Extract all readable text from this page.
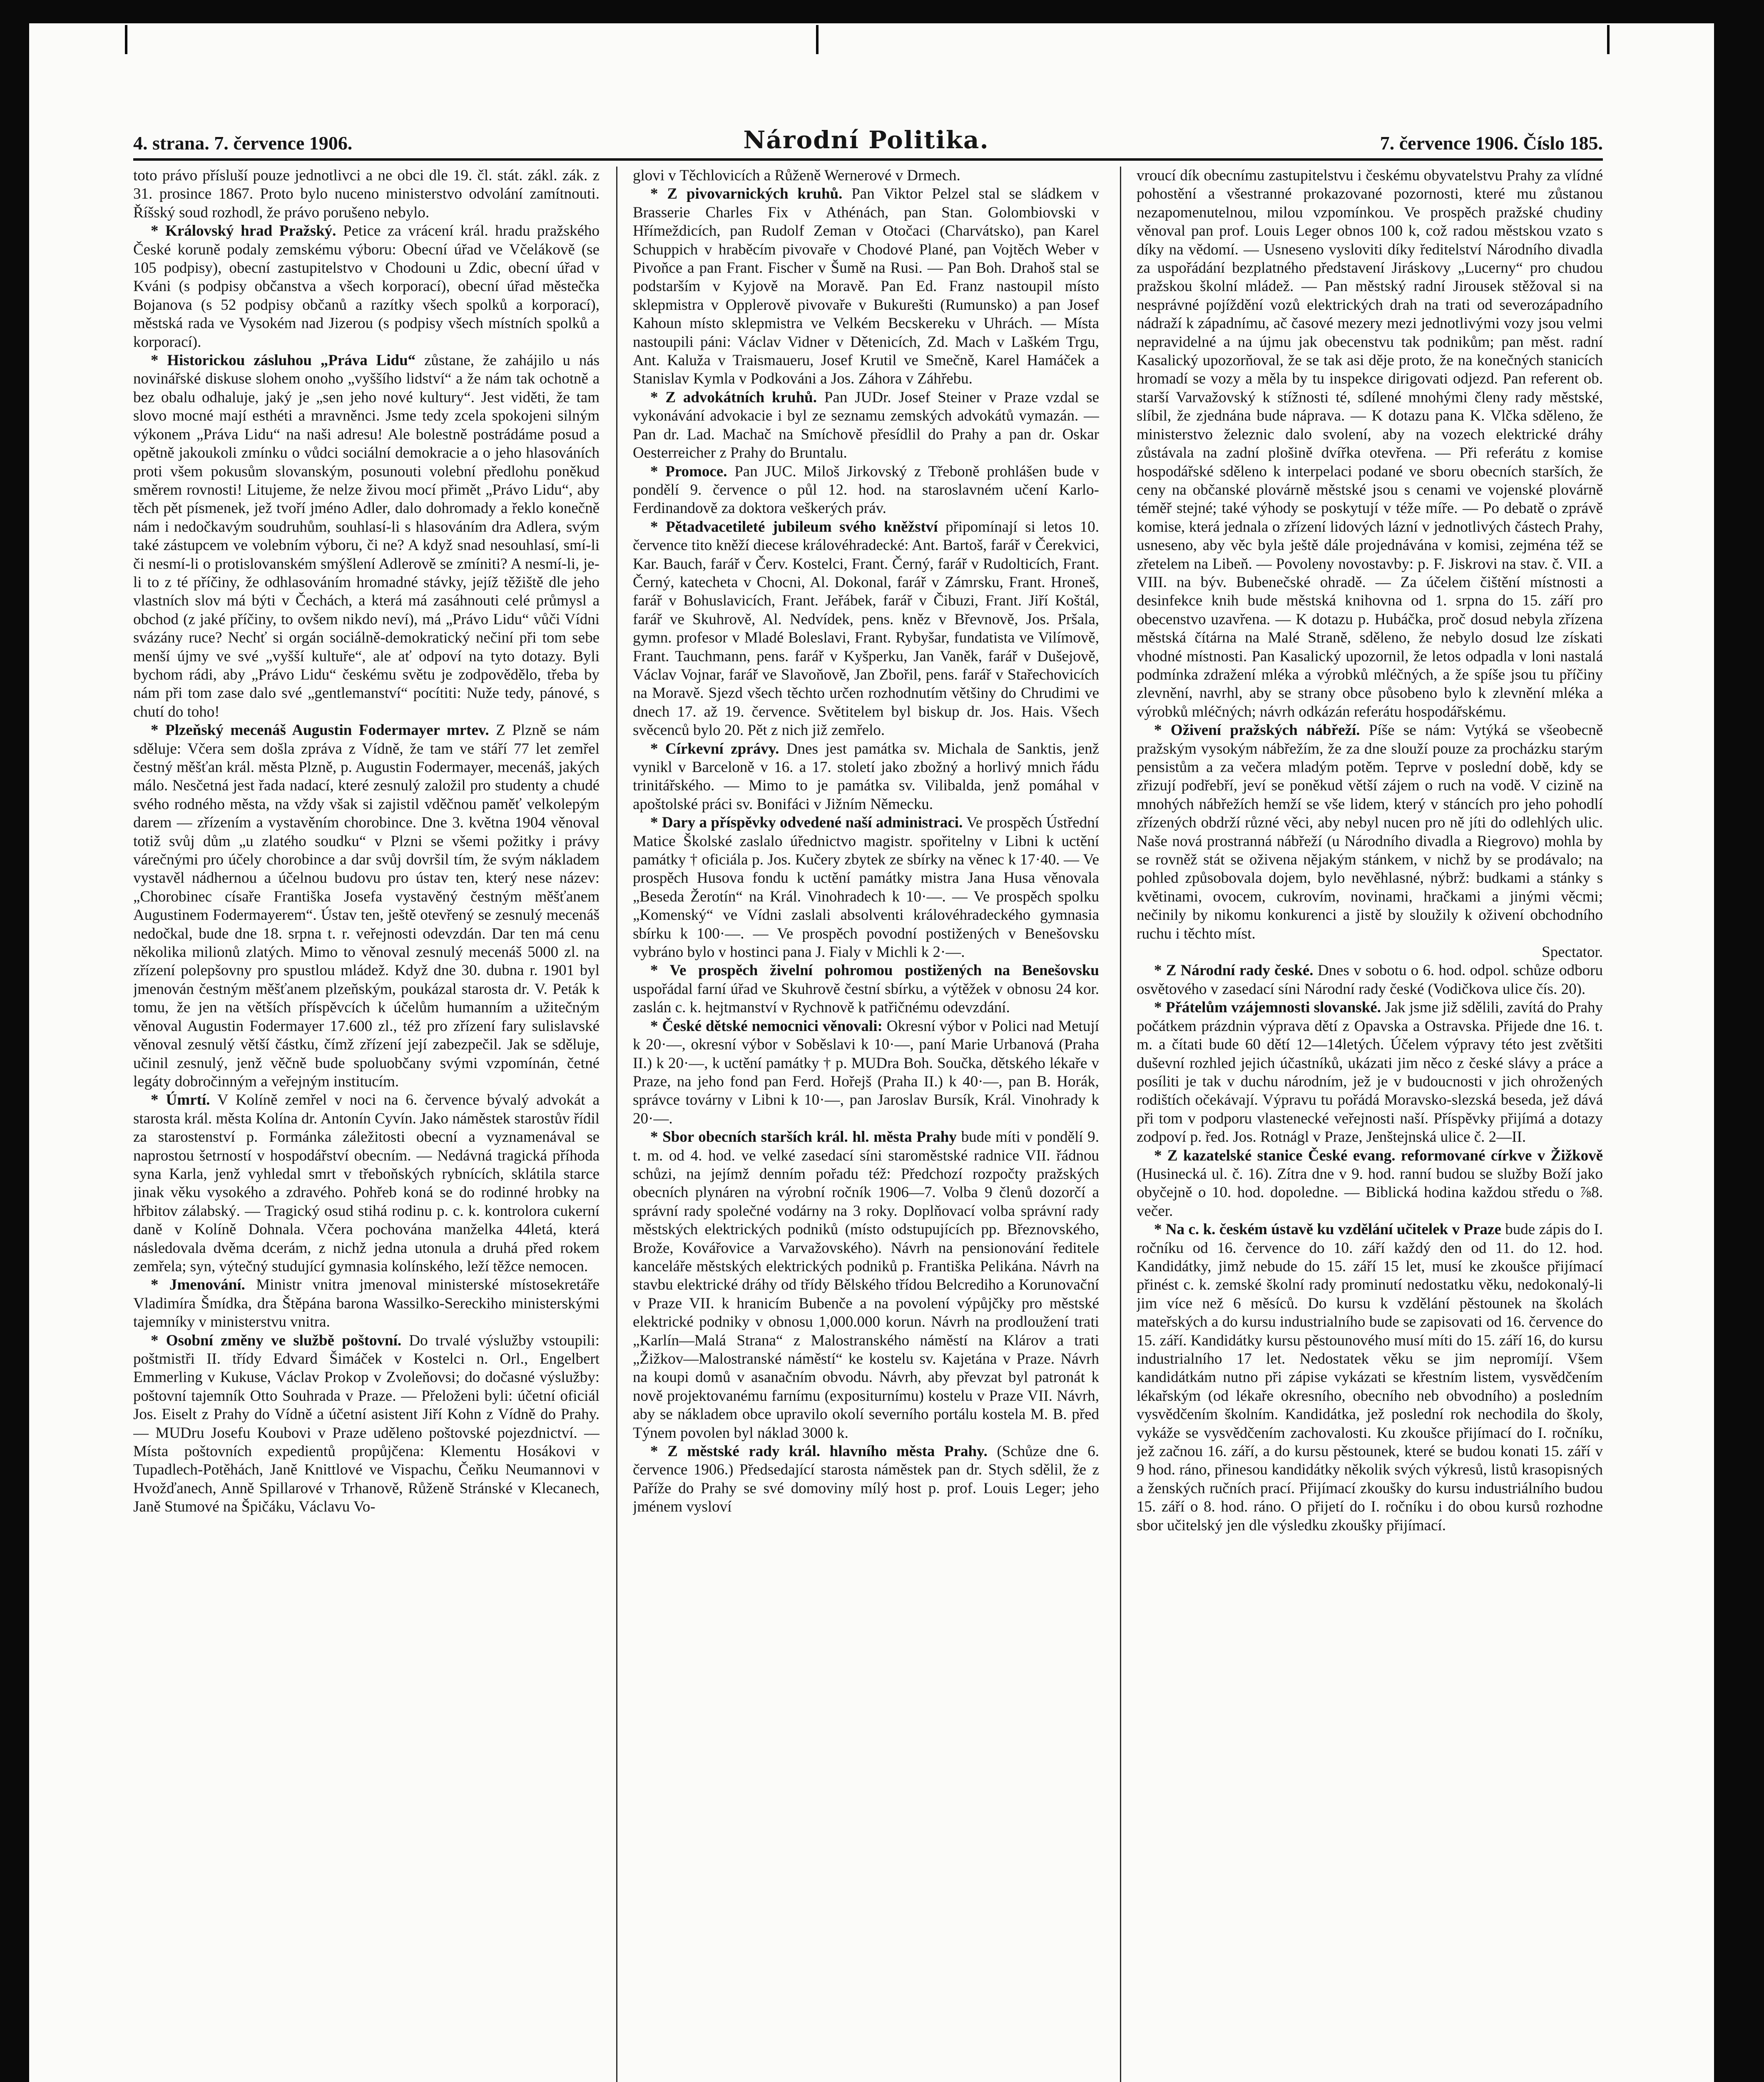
4. strana. 7. července 1906.	Národní Politika.	7. července 1906. Číslo 185.

toto právo přísluší pouze jednotlivci a ne obci dle 19. čl. stát. zákl. zák. z 31. prosince 1867. Proto bylo nuceno ministerstvo odvolání zamítnouti. Říšský soud rozhodl, že právo porušeno nebylo.

* Královský hrad Pražský. Petice za vrácení král. hradu pražského České koruně podaly zemskému výboru: Obecní úřad ve Včelákově (se 105 podpisy), obecní zastupitelstvo v Chodouni u Zdic, obecní úřad v Kváni (s podpisy občanstva a všech korporací), obecní úřad městečka Bojanova (s 52 podpisy občanů a razítky všech spolků a korporací), městská rada ve Vysokém nad Jizerou (s podpisy všech místních spolků a korporací).

* Historickou zásluhou „Práva Lidu“ zůstane, že zahájilo u nás novinářské diskuse slohem onoho „vyššího lidství“ a že nám tak ochotně a bez obalu odhaluje, jaký je „sen jeho nové kultury“. Jest viděti, že tam slovo mocné mají esthéti a mravněnci. Jsme tedy zcela spokojeni silným výkonem „Práva Lidu“ na naši adresu! Ale bolestně postrádáme posud a opětně jakoukoli zmínku o vůdci sociální demokracie a o jeho hlasováních proti všem pokusům slovanským, posunouti volební předlohu poněkud směrem rovnosti! Litujeme, že nelze živou mocí přimět „Právo Lidu“, aby těch pět písmenek, jež tvoří jméno Adler, dalo dohromady a řeklo konečně nám i nedočkavým soudruhům, souhlasí-li s hlasováním dra Adlera, svým také zástupcem ve volebním výboru, či ne? A když snad nesouhlasí, smí-li či nesmí-li o protislovanském smýšlení Adlerově se zmíniti? A nesmí-li, je-li to z té příčiny, že odhlasováním hromadné stávky, jejíž těžiště dle jeho vlastních slov má býti v Čechách, a která má zasáhnouti celé průmysl a obchod (z jaké příčiny, to ovšem nikdo neví), má „Právo Lidu“ vůči Vídni svázány ruce? Nechť si orgán sociálně-demokratický nečiní při tom sebe menší újmy ve své „vyšší kultuře“, ale ať odpoví na tyto dotazy. Byli bychom rádi, aby „Právo Lidu“ českému světu je zodpovědělo, třeba by nám při tom zase dalo své „gentlemanství“ pocítiti: Nuže tedy, pánové, s chutí do toho!

* Plzeňský mecenáš Augustin Fodermayer mrtev. Z Plzně se nám sděluje: Včera sem došla zpráva z Vídně, že tam ve stáří 77 let zemřel čestný měšťan král. města Plzně, p. Augustin Fodermayer, mecenáš, jakých málo. Nesčetná jest řada nadací, které zesnulý založil pro studenty a chudé svého rodného města, na vždy však si zajistil vděčnou paměť velkolepým darem — zřízením a vystavěním chorobince. Dne 3. května 1904 věnoval totiž svůj dům „u zlatého soudku“ v Plzni se všemi požitky i právy várečnými pro účely chorobince a dar svůj dovršil tím, že svým nákladem vystavěl nádhernou a účelnou budovu pro ústav ten, který nese název: „Chorobinec císaře Františka Josefa vystavěný čestným měšťanem Augustinem Fodermayerem“. Ústav ten, ještě otevřený se zesnulý mecenáš nedočkal, bude dne 18. srpna t. r. veřejnosti odevzdán. Dar ten má cenu několika milionů zlatých. Mimo to věnoval zesnulý mecenáš 5000 zl. na zřízení polepšovny pro spustlou mládež. Když dne 30. dubna r. 1901 byl jmenován čestným měšťanem plzeňským, poukázal starosta dr. V. Peták k tomu, že jen na větších příspěvcích k účelům humanním a užitečným věnoval Augustin Fodermayer 17.600 zl., též pro zřízení fary sulislavské věnoval zesnulý větší částku, čímž zřízení její zabezpečil. Jak se sděluje, učinil zesnulý, jenž věčně bude spoluobčany svými vzpomínán, četné legáty dobročinným a veřejným institucím.

* Úmrtí. V Kolíně zemřel v noci na 6. července bývalý advokát a starosta král. města Kolína dr. Antonín Cyvín. Jako náměstek starostův řídil za starostenství p. Formánka záležitosti obecní a vyznamenával se naprostou šetrností v hospodářství obecním. — Nedávná tragická příhoda syna Karla, jenž vyhledal smrt v třeboňských rybnících, sklátila starce jinak věku vysokého a zdravého. Pohřeb koná se do rodinné hrobky na hřbitov zálabský. — Tragický osud stihá rodinu p. c. k. kontrolora cukerní daně v Kolíně Dohnala. Včera pochována manželka 44letá, která následovala dvěma dcerám, z nichž jedna utonula a druhá před rokem zemřela; syn, výtečný studující gymnasia kolínského, leží těžce nemocen.

* Jmenování. Ministr vnitra jmenoval ministerské místosekretáře Vladimíra Šmídka, dra Štěpána barona Wassilko-Sereckiho ministerskými tajemníky v ministerstvu vnitra.

* Osobní změny ve službě poštovní. Do trvalé výslužby vstoupili: poštmistři II. třídy Edvard Šimáček v Kostelci n. Orl., Engelbert Emmerling v Kukuse, Václav Prokop v Zvoleňovsi; do dočasné výslužby: poštovní tajemník Otto Souhrada v Praze. — Přeloženi byli: účetní oficiál Jos. Eiselt z Prahy do Vídně a účetní asistent Jiří Kohn z Vídně do Prahy. — MUDru Josefu Koubovi v Praze uděleno poštovské pojezdnictví. — Místa poštovních expedientů propůjčena: Klementu Hosákovi v Tupadlech-Potěhách, Janě Knittlové ve Vispachu, Čeňku Neumannovi v Hvožďanech, Anně Spillarové v Trhanově, Růženě Stránské v Klecanech, Janě Stumové na Špičáku, Václavu Vo-

glovi v Těchlovicích a Růženě Wernerové v Drmech.

* Z pivovarnických kruhů. Pan Viktor Pelzel stal se sládkem v Brasserie Charles Fix v Athénách, pan Stan. Golombiovski v Hřímeždicích, pan Rudolf Zeman v Otočaci (Charvátsko), pan Karel Schuppich v hraběcím pivovaře v Chodové Plané, pan Vojtěch Weber v Pivoňce a pan Frant. Fischer v Šumě na Rusi. — Pan Boh. Drahoš stal se podstarším v Kyjově na Moravě. Pan Ed. Franz nastoupil místo sklepmistra v Opplerově pivovaře v Bukurešti (Rumunsko) a pan Josef Kahoun místo sklepmistra ve Velkém Becskereku v Uhrách. — Místa nastoupili páni: Václav Vidner v Dětenicích, Zd. Mach v Laškém Trgu, Ant. Kaluža v Traismaueru, Josef Krutil ve Smečně, Karel Hamáček a Stanislav Kymla v Podkováni a Jos. Záhora v Záhřebu.

* Z advokátních kruhů. Pan JUDr. Josef Steiner v Praze vzdal se vykonávání advokacie i byl ze seznamu zemských advokátů vymazán. — Pan dr. Lad. Machač na Smíchově přesídlil do Prahy a pan dr. Oskar Oesterreicher z Prahy do Bruntalu.

* Promoce. Pan JUC. Miloš Jirkovský z Třeboně prohlášen bude v pondělí 9. července o půl 12. hod. na staroslavném učení Karlo-Ferdinandově za doktora veškerých práv.

* Pětadvacetileté jubileum svého kněžství připomínají si letos 10. července tito kněží diecese královéhradecké: Ant. Bartoš, farář v Čerekvici, Kar. Bauch, farář v Červ. Kostelci, Frant. Černý, farář v Rudolticích, Frant. Černý, katecheta v Chocni, Al. Dokonal, farář v Zámrsku, Frant. Hroneš, farář v Bohuslavicích, Frant. Jeřábek, farář v Čibuzi, Frant. Jiří Koštál, farář ve Skuhrově, Al. Nedvídek, pens. kněz v Břevnově, Jos. Pršala, gymn. profesor v Mladé Boleslavi, Frant. Rybyšar, fundatista ve Vilímově, Frant. Tauchmann, pens. farář v Kyšperku, Jan Vaněk, farář v Dušejově, Václav Vojnar, farář ve Slavoňově, Jan Zbořil, pens. farář v Stařechovicích na Moravě. Sjezd všech těchto určen rozhodnutím většiny do Chrudimi ve dnech 17. až 19. července. Světitelem byl biskup dr. Jos. Hais. Všech svěcenců bylo 20. Pět z nich již zemřelo.

* Církevní zprávy. Dnes jest památka sv. Michala de Sanktis, jenž vynikl v Barceloně v 16. a 17. století jako zbožný a horlivý mnich řádu trinitářského. — Mimo to je památka sv. Vilibalda, jenž pomáhal v apoštolské práci sv. Bonifáci v Jižním Německu.

* Dary a příspěvky odvedené naší administraci. Ve prospěch Ústřední Matice Školské zaslalo úřednictvo magistr. spořitelny v Libni k uctění památky † oficiála p. Jos. Kučery zbytek ze sbírky na věnec k 17·40. — Ve prospěch Husova fondu k uctění památky mistra Jana Husa věnovala „Beseda Žerotín“ na Král. Vinohradech k 10·—. — Ve prospěch spolku „Komenský“ ve Vídni zaslali absolventi královéhradeckého gymnasia sbírku k 100·—. — Ve prospěch povodní postižených v Benešovsku vybráno bylo v hostinci pana J. Fialy v Michli k 2·—.

* Ve prospěch živelní pohromou postižených na Benešovsku uspořádal farní úřad ve Skuhrově čestní sbírku, a výtěžek v obnosu 24 kor. zaslán c. k. hejtmanství v Rychnově k patřičnému odevzdání.

* České dětské nemocnici věnovali: Okresní výbor v Polici nad Metují k 20·—, okresní výbor v Soběslavi k 10·—, paní Marie Urbanová (Praha II.) k 20·—, k uctění památky † p. MUDra Boh. Součka, dětského lékaře v Praze, na jeho fond pan Ferd. Hořejš (Praha II.) k 40·—, pan B. Horák, správce továrny v Libni k 10·—, pan Jaroslav Bursík, Král. Vinohrady k 20·—.

* Sbor obecních starších král. hl. města Prahy bude míti v pondělí 9. t. m. od 4. hod. ve velké zasedací síni staroměstské radnice VII. řádnou schůzi, na jejímž denním pořadu též: Předchozí rozpočty pražských obecních plynáren na výrobní ročník 1906—7. Volba 9 členů dozorčí a správní rady společné vodárny na 3 roky. Doplňovací volba správní rady městských elektrických podniků (místo odstupujících pp. Březnovského, Brože, Kovářovice a Varvažovského). Návrh na pensionování ředitele kanceláře městských elektrických podniků p. Františka Pelikána. Návrh na stavbu elektrické dráhy od třídy Bělského třídou Belcrediho a Korunovační v Praze VII. k hranicím Bubenče a na povolení výpůjčky pro městské elektrické podniky v obnosu 1,000.000 korun. Návrh na prodloužení trati „Karlín—Malá Strana“ z Malostranského náměstí na Klárov a trati „Žižkov—Malostranské náměstí“ ke kostelu sv. Kajetána v Praze. Návrh na koupi domů v asanačním obvodu. Návrh, aby převzat byl patronát k nově projektovanému farnímu (expositurnímu) kostelu v Praze VII. Návrh, aby se nákladem obce upravilo okolí severního portálu kostela M. B. před Týnem povolen byl náklad 3000 k.

* Z městské rady král. hlavního města Prahy. (Schůze dne 6. července 1906.) Předsedající starosta náměstek pan dr. Stych sdělil, že z Paříže do Prahy se své domoviny mílý host p. prof. Louis Leger; jeho jménem vysloví

vroucí dík obecnímu zastupitelstvu i českému obyvatelstvu Prahy za vlídné pohostění a všestranné prokazované pozornosti, které mu zůstanou nezapomenutelnou, milou vzpomínkou. Ve prospěch pražské chudiny věnoval pan prof. Louis Leger obnos 100 k, což radou městskou vzato s díky na vědomí. — Usneseno vysloviti díky ředitelství Národního divadla za uspořádání bezplatného představení Jiráskovy „Lucerny“ pro chudou pražskou školní mládež. — Pan městský radní Jirousek stěžoval si na nesprávné pojíždění vozů elektrických drah na trati od severozápadního nádraží k západnímu, ač časové mezery mezi jednotlivými vozy jsou velmi nepravidelné a na újmu jak obecenstvu tak podnikům; pan měst. radní Kasalický upozorňoval, že se tak asi děje proto, že na konečných stanicích hromadí se vozy a měla by tu inspekce dirigovati odjezd. Pan referent ob. starší Varvažovský k stížnosti té, sdílené mnohými členy rady městské, slíbil, že zjednána bude náprava. — K dotazu pana K. Vlčka sděleno, že ministerstvo železnic dalo svolení, aby na vozech elektrické dráhy zůstávala na zadní plošině dvířka otevřena. — Při referátu z komise hospodářské sděleno k interpelaci podané ve sboru obecních starších, že ceny na občanské plovárně městské jsou s cenami ve vojenské plovárně téměř stejné; také výhody se poskytují v téže míře. — Po debatě o zprávě komise, která jednala o zřízení lidových lázní v jednotlivých částech Prahy, usneseno, aby věc byla ještě dále projednávána v komisi, zejména též se zřetelem na Libeň. — Povoleny novostavby: p. F. Jiskrovi na stav. č. VII. a VIII. na býv. Bubenečské ohradě. — Za účelem čištění místnosti a desinfekce knih bude městská knihovna od 1. srpna do 15. září pro obecenstvo uzavřena. — K dotazu p. Hubáčka, proč dosud nebyla zřízena městská čítárna na Malé Straně, sděleno, že nebylo dosud lze získati vhodné místnosti. Pan Kasalický upozornil, že letos odpadla v loni nastalá podmínka zdražení mléka a výrobků mléčných, a že spíše jsou tu příčiny zlevnění, navrhl, aby se strany obce působeno bylo k zlevnění mléka a výrobků mléčných; návrh odkázán referátu hospodářskému.

* Oživení pražských nábřeží. Píše se nám: Vytýká se všeobecně pražským vysokým nábřežím, že za dne slouží pouze za procházku starým pensistům a za večera mladým potěm. Teprve v poslední době, kdy se zřizují podřebří, jeví se poněkud větší zájem o ruch na vodě. V cizině na mnohých nábřežích hemží se vše lidem, který v stáncích pro jeho pohodlí zřízených obdrží různé věci, aby nebyl nucen pro ně jíti do odlehlých ulic. Naše nová prostranná nábřeží (u Národního divadla a Riegrovo) mohla by se rovněž stát se oživena nějakým stánkem, v nichž by se prodávalo; na pohled způsobovala dojem, bylo nevěhlasné, nýbrž: budkami a stánky s květinami, ovocem, cukrovím, novinami, hračkami a jinými věcmi; nečinily by nikomu konkurenci a jistě by sloužily k oživení obchodního ruchu i těchto míst.

Spectator.

* Z Národní rady české. Dnes v sobotu o 6. hod. odpol. schůze odboru osvětového v zasedací síni Národní rady české (Vodičkova ulice čís. 20).

* Přátelům vzájemnosti slovanské. Jak jsme již sdělili, zavítá do Prahy počátkem prázdnin výprava dětí z Opavska a Ostravska. Přijede dne 16. t. m. a čítati bude 60 dětí 12—14letých. Účelem výpravy této jest zvětšiti duševní rozhled jejich účastníků, ukázati jim něco z české slávy a práce a posíliti je tak v duchu národním, jež je v budoucnosti v jich ohrožených rodištích očekávají. Výpravu tu pořádá Moravsko-slezská beseda, jež dává při tom v podporu vlastenecké veřejnosti naší. Příspěvky přijímá a dotazy zodpoví p. řed. Jos. Rotnágl v Praze, Jenštejnská ulice č. 2—II.

* Z kazatelské stanice České evang. reformované církve v Žižkově (Husinecká ul. č. 16). Zítra dne v 9. hod. ranní budou se služby Boží jako obyčejně o 10. hod. dopoledne. — Biblická hodina každou středu o ⅞8. večer.

* Na c. k. českém ústavě ku vzdělání učitelek v Praze bude zápis do I. ročníku od 16. července do 10. září každý den od 11. do 12. hod. Kandidátky, jimž nebude do 15. září 15 let, musí ke zkoušce přijímací přinést c. k. zemské školní rady prominutí nedostatku věku, nedokonalý-li jim více než 6 měsíců. Do kursu k vzdělání pěstounek na školách mateřských a do kursu industrialního bude se zapisovati od 16. července do 15. září. Kandidátky kursu pěstounového musí míti do 15. září 16, do kursu industrialního 17 let. Nedostatek věku se jim nepromíjí. Všem kandidátkám nutno při zápise vykázati se křestním listem, vysvědčením lékařským (od lékaře okresního, obecního neb obvodního) a posledním vysvědčením školním. Kandidátka, jež poslední rok nechodila do školy, vykáže se vysvědčením zachovalosti. Ku zkoušce přijímací do I. ročníku, jež začnou 16. září, a do kursu pěstounek, které se budou konati 15. září v 9 hod. ráno, přinesou kandidátky několik svých výkresů, listů krasopisných a ženských ručních prací. Přijímací zkoušky do kursu industriálního budou 15. září o 8. hod. ráno. O přijetí do I. ročníku i do obou kursů rozhodne sbor učitelský jen dle výsledku zkoušky přijímací.
